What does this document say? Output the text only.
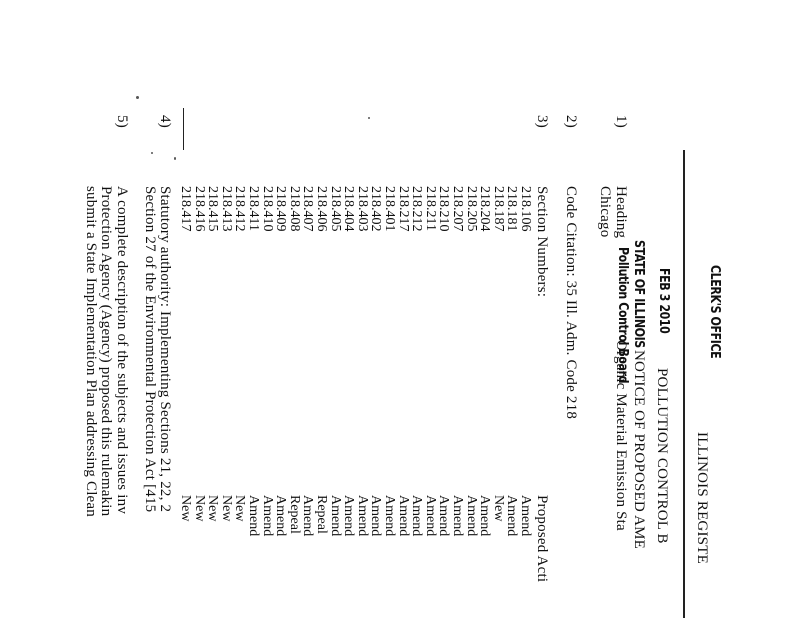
ILLINOIS REGISTE
POLLUTION CONTROL B
NOTICE OF PROPOSED AME
CLERK'S OFFICE
FEB 3 2010
STATE OF ILLINOIS
Pollution Control Board
1)
Heading
Organic Material Emission Sta
Chicago
2)
Code Citation: 35 Ill. Adm. Code 218
3)
Section Numbers:
Proposed Acti
218.106
Amend
218.181
Amend
218.187
New
218.204
Amend
218.205
Amend
218.207
Amend
218.210
Amend
218.211
Amend
218.212
Amend
218.217
Amend
218.401
Amend
218.402
Amend
218.403
Amend
218.404
Amend
218.405
Amend
218.406
Repeal
218.407
Amend
218.408
Repeal
218.409
Amend
218.410
Amend
218.411
Amend
218.412
New
218.413
New
218.415
New
218.416
New
218.417
New
4)
Statutory authority: Implementing Sections 21, 22, 2
Section 27 of the Environmental Protection Act [415
5)
A complete description of the subjects and issues inv
Protection Agency (Agency) proposed this rulemakin
submit a State Implementation Plan addressing Clean
